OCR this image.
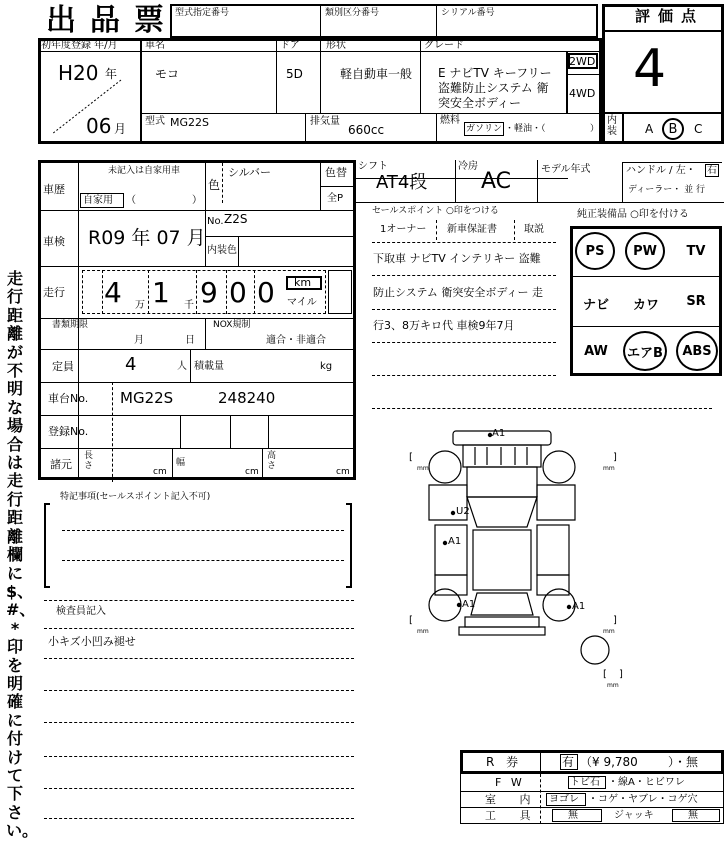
出品票
型式指定番号	類別区分番号	シリアル番号	評価点
4
内装 A	B	C
初年度登録 年/月
H20 年
06 月
車名
モコ
ドア
5D
形状
軽自動車一般
グレード
E ナビTV キーフリー
盗難防止システム 衛
突安全ボディー
2WD
4WD
型式 MG22S	排気量
660cc
燃料
ガソリン ・軽油・（	）
車歴
未記入は自家用車
自家用 （	）
色
シルバー	色替
全P
No. Z2S
内装色
車検 R09 年 07 月
走行 4 万 1 千 9 0 0 km
マイル
書類期限
月	日
NOX規制
適合・非適合
定員	4	人 積載量	kg
車台No. MG22S	248240
登録No.
諸元
長さ
cm
幅
cm
高さ
cm
シフト
AT4段
冷房
AC	モデル年式	ハンドル / 左・ 右
ディーラー・ 並 行
セールスポイント ○印をつける
1オーナー 新車保証書	取説
下取車 ナビTV インテリキー 盗難
防止システム 衛突安全ボディー 走
行3、8万キロ代 車検9年7月
純正装備品 ○印を付ける
PS	PW	TV
ナビ	カワ	SR
AW	エアB	ABS
走行距離が不明な場合は走行距離欄に$、#、*印を明確に付けて下さい。
特記事項(セールスポイント記入不可)
検査員記入
小キズ小凹み褪せ
[
mm
]
mm
[
mm
]
mm
[ ]
mm
A1
U2
A1
A1	A1
R 券	有 （¥ 9,780	）・無
F W	トビ石 ・線A・ヒビワレ
室 内 ヨゴレ ・コゲ・ヤブレ・コゲ穴
工 具	無	ジャッキ	無
